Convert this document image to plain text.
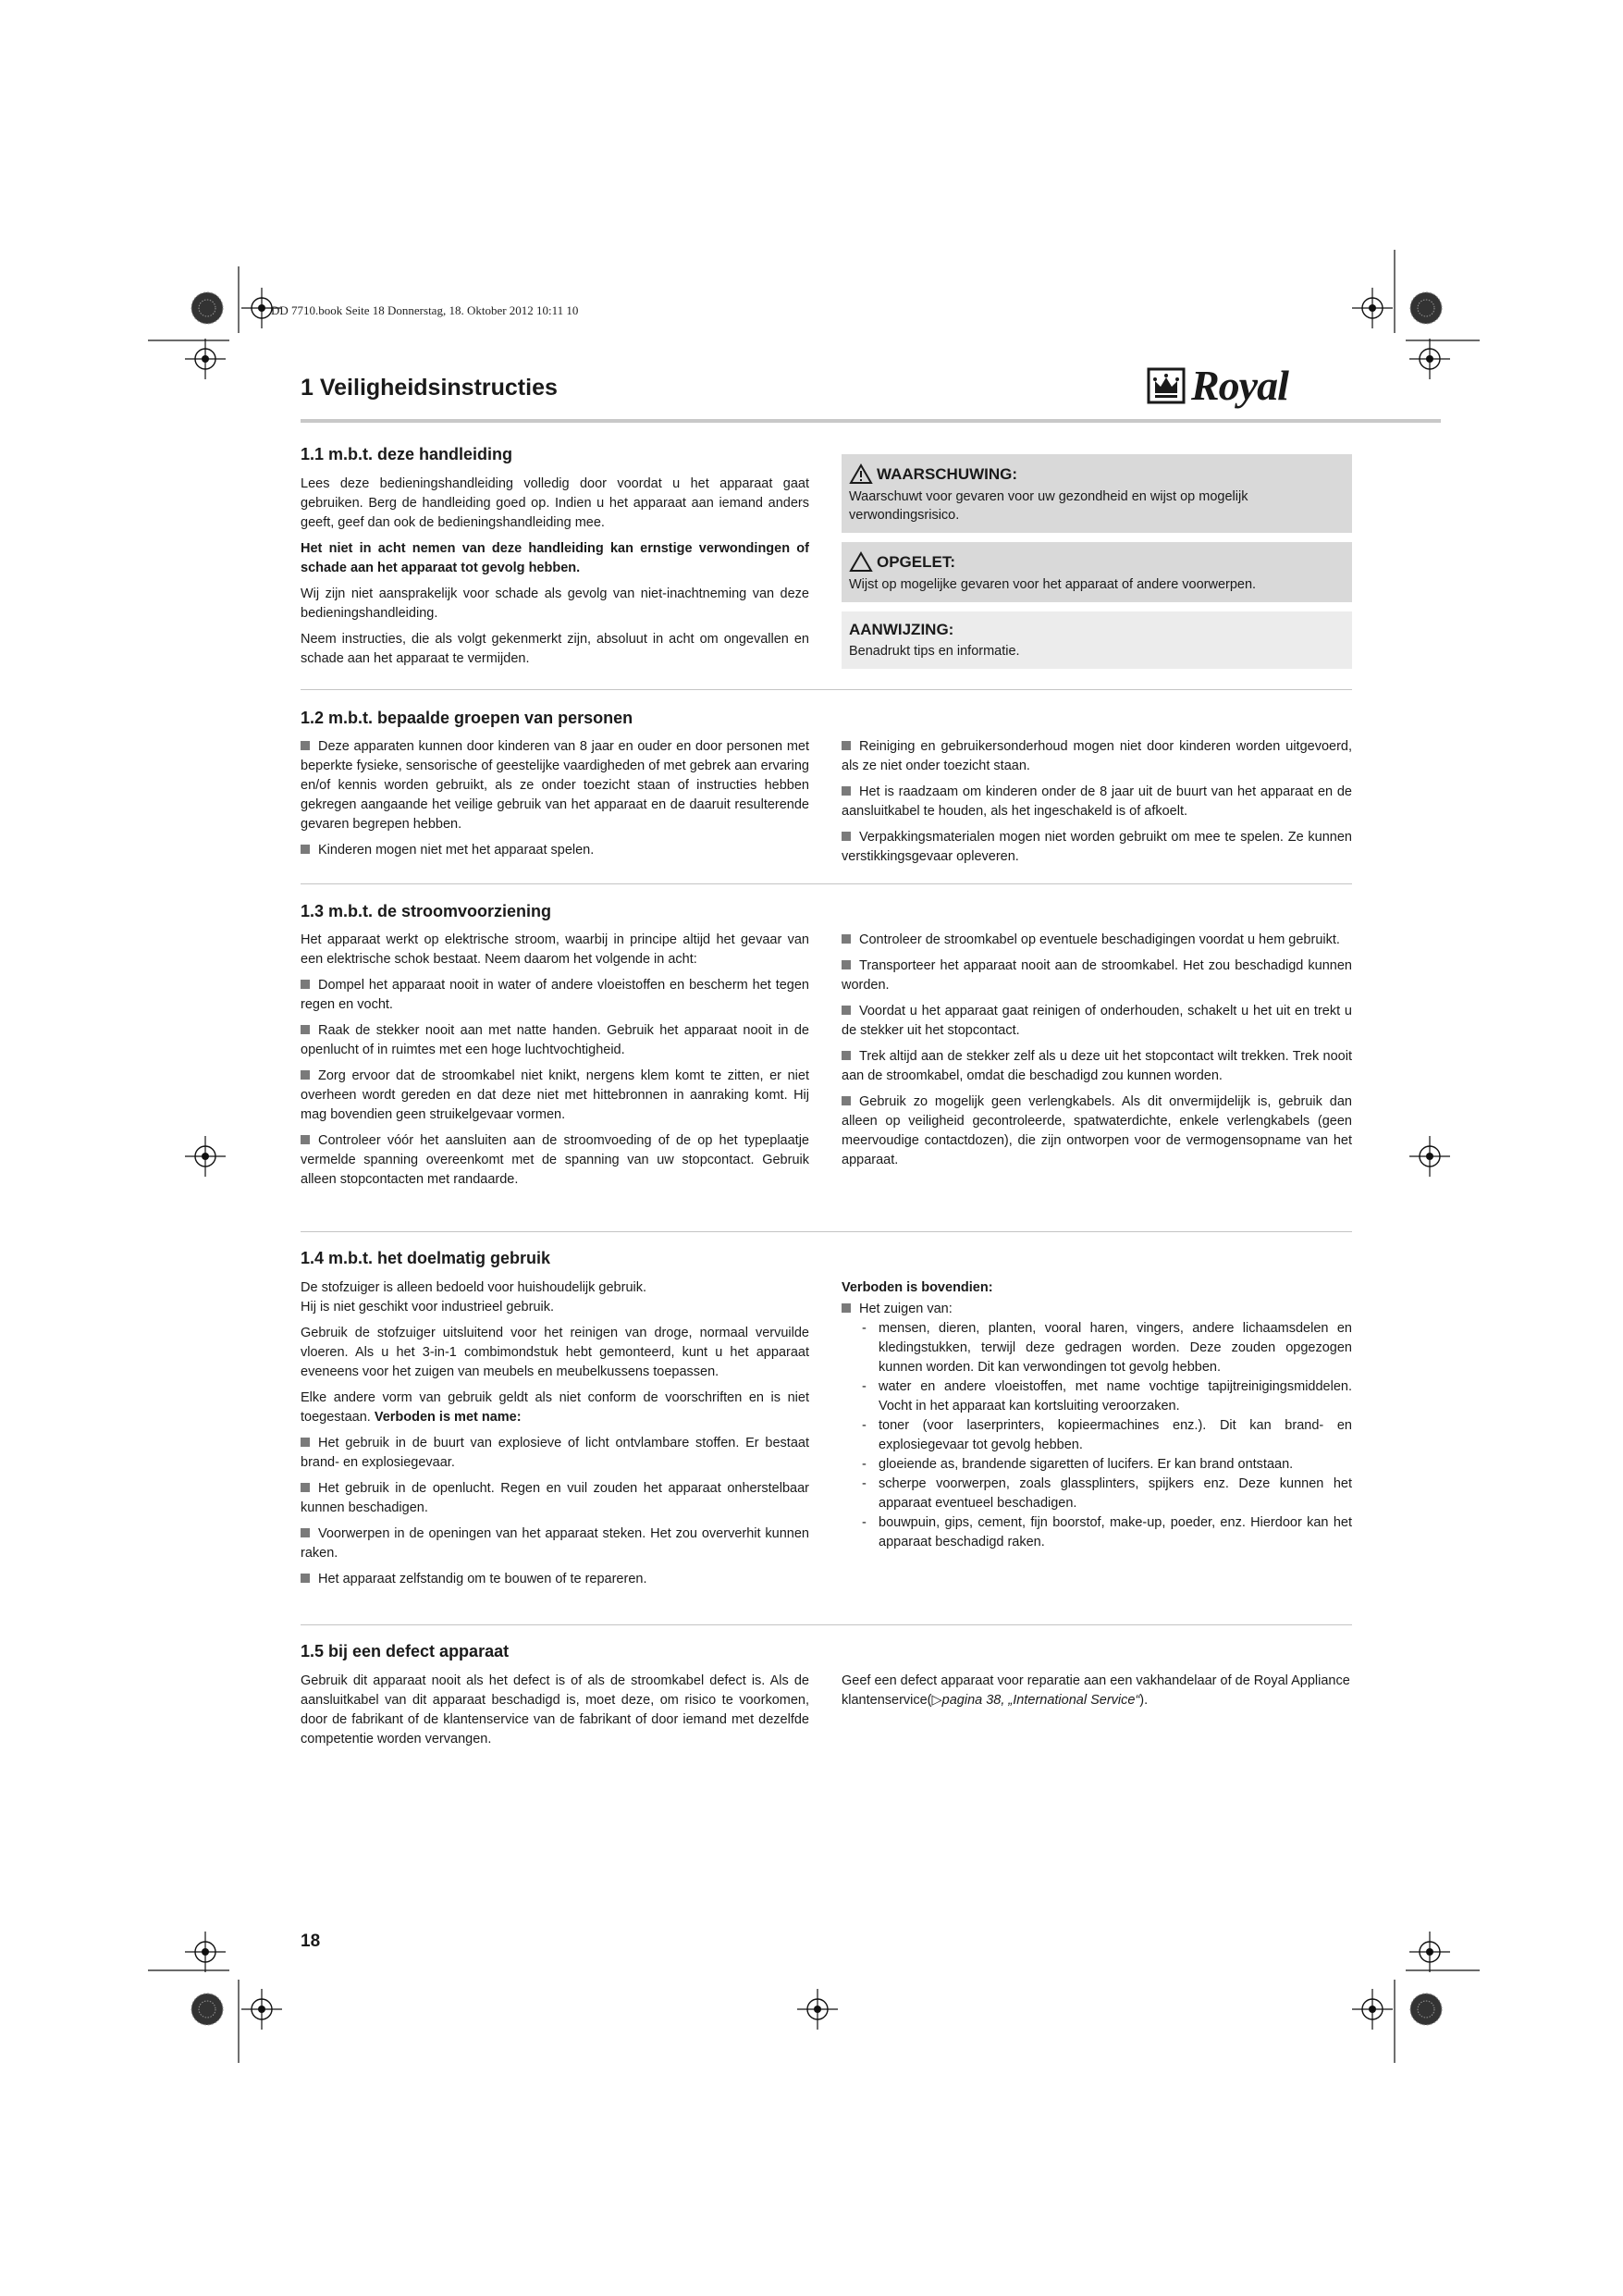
DD 7710.book Seite 18 Donnerstag, 18. Oktober 2012 10:11 10
1 Veiligheidsinstructies	Royal
1.1 m.b.t. deze handleiding

Lees deze bedieningshandleiding volledig door voordat u het apparaat gaat gebruiken. Berg de handleiding goed op. Indien u het apparaat aan iemand anders geeft, geef dan ook de bedieningshandleiding mee.

Het niet in acht nemen van deze handleiding kan ernstige verwondingen of schade aan het apparaat tot gevolg hebben.

Wij zijn niet aansprakelijk voor schade als gevolg van niet-inachtneming van deze bedieningshandleiding.

Neem instructies, die als volgt gekenmerkt zijn, absoluut in acht om ongevallen en schade aan het apparaat te vermijden.

WAARSCHUWING:
Waarschuwt voor gevaren voor uw gezondheid en wijst op mogelijk verwondingsrisico.
OPGELET:
Wijst op mogelijke gevaren voor het apparaat of andere voorwerpen.
AANWIJZING:
Benadrukt tips en informatie.
1.2 m.b.t. bepaalde groepen van personen
Deze apparaten kunnen door kinderen van 8 jaar en ouder en door personen met beperkte fysieke, sensorische of geestelijke vaardigheden of met gebrek aan ervaring en/of kennis worden gebruikt, als ze onder toezicht staan of instructies hebben gekregen aangaande het veilige gebruik van het apparaat en de daaruit resulterende gevaren begrepen hebben.
Kinderen mogen niet met het apparaat spelen.
Reiniging en gebruikersonderhoud mogen niet door kinderen worden uitgevoerd, als ze niet onder toezicht staan.
Het is raadzaam om kinderen onder de 8 jaar uit de buurt van het apparaat en de aansluitkabel te houden, als het ingeschakeld is of afkoelt.
Verpakkingsmaterialen mogen niet worden gebruikt om mee te spelen. Ze kunnen verstikkingsgevaar opleveren.
1.3 m.b.t. de stroomvoorziening

Het apparaat werkt op elektrische stroom, waarbij in principe altijd het gevaar van een elektrische schok bestaat. Neem daarom het volgende in acht:

Dompel het apparaat nooit in water of andere vloeistoffen en bescherm het tegen regen en vocht.
Raak de stekker nooit aan met natte handen. Gebruik het apparaat nooit in de openlucht of in ruimtes met een hoge luchtvochtigheid.
Zorg ervoor dat de stroomkabel niet knikt, nergens klem komt te zitten, er niet overheen wordt gereden en dat deze niet met hittebronnen in aanraking komt. Hij mag bovendien geen struikelgevaar vormen.
Controleer vóór het aansluiten aan de stroomvoeding of de op het typeplaatje vermelde spanning overeenkomt met de spanning van uw stopcontact. Gebruik alleen stopcontacten met randaarde.
Controleer de stroomkabel op eventuele beschadigingen voordat u hem gebruikt.
Transporteer het apparaat nooit aan de stroomkabel. Het zou beschadigd kunnen worden.
Voordat u het apparaat gaat reinigen of onderhouden, schakelt u het uit en trekt u de stekker uit het stopcontact.
Trek altijd aan de stekker zelf als u deze uit het stopcontact wilt trekken. Trek nooit aan de stroomkabel, omdat die beschadigd zou kunnen worden.
Gebruik zo mogelijk geen verlengkabels. Als dit onvermijdelijk is, gebruik dan alleen op veiligheid gecontroleerde, spatwaterdichte, enkele verlengkabels (geen meervoudige contactdozen), die zijn ontworpen voor de vermogensopname van het apparaat.
1.4 m.b.t. het doelmatig gebruik
De stofzuiger is alleen bedoeld voor huishoudelijk gebruik.

Hij is niet geschikt voor industrieel gebruik.

Gebruik de stofzuiger uitsluitend voor het reinigen van droge, normaal vervuilde vloeren. Als u het 3-in-1 combimondstuk hebt gemonteerd, kunt u het apparaat eveneens voor het zuigen van meubels en meubelkussens toepassen.

Elke andere vorm van gebruik geldt als niet conform de voorschriften en is niet toegestaan. Verboden is met name:

Het gebruik in de buurt van explosieve of licht ontvlambare stoffen. Er bestaat brand- en explosiegevaar.
Het gebruik in de openlucht. Regen en vuil zouden het apparaat onherstelbaar kunnen beschadigen.
Voorwerpen in de openingen van het apparaat steken. Het zou oververhit kunnen raken.
Het apparaat zelfstandig om te bouwen of te repareren.
Verboden is bovendien:
Het zuigen van:
- mensen, dieren, planten, vooral haren, vingers, andere lichaamsdelen en kledingstukken, terwijl deze gedragen worden. Deze zouden opgezogen kunnen worden. Dit kan verwondingen tot gevolg hebben.
- water en andere vloeistoffen, met name vochtige tapijtreinigingsmiddelen. Vocht in het apparaat kan kortsluiting veroorzaken.
- toner (voor laserprinters, kopieermachines enz.). Dit kan brand- en explosiegevaar tot gevolg hebben.
- gloeiende as, brandende sigaretten of lucifers. Er kan brand ontstaan.
- scherpe voorwerpen, zoals glassplinters, spijkers enz. Deze kunnen het apparaat eventueel beschadigen.
- bouwpuin, gips, cement, fijn boorstof, make-up, poeder, enz. Hierdoor kan het apparaat beschadigd raken.
1.5 bij een defect apparaat

Gebruik dit apparaat nooit als het defect is of als de stroomkabel defect is. Als de aansluitkabel van dit apparaat beschadigd is, moet deze, om risico te voorkomen, door de fabrikant of de klantenservice van de fabrikant of door iemand met dezelfde competentie worden vervangen.

Geef een defect apparaat voor reparatie aan een vakhandelaar of de Royal Appliance klantenservice(▷pagina 38, „International Service“).

18
